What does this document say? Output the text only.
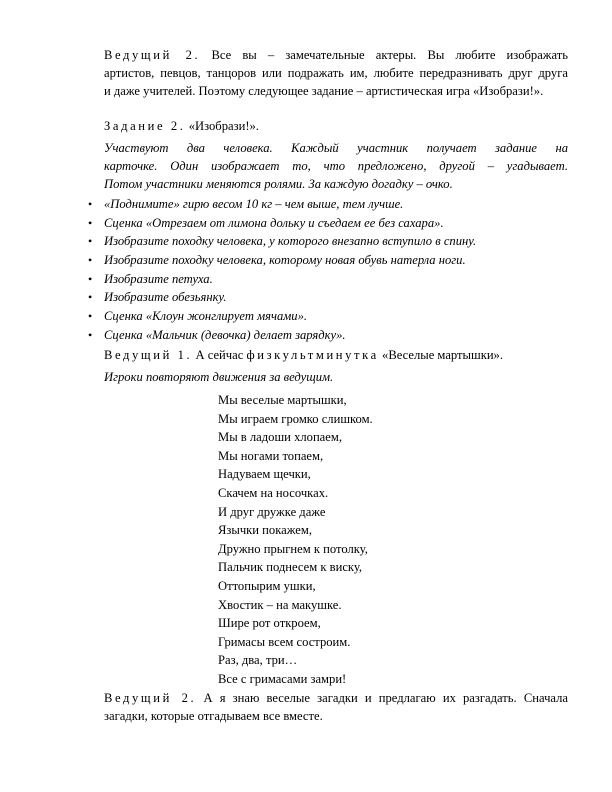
Ведущий 2. Все вы – замечательные актеры. Вы любите изображать
артистов, певцов, танцоров или подражать им, любите передразнивать друг друга
и даже учителей. Поэтому следующее задание – артистическая игра «Изобрази!».

Задание 2. «Изобрази!».

Участвуют два человека. Каждый участник получает задание на
карточке. Один изображает то, что предложено, другой – угадывает.
Потом участники меняются ролями. За каждую догадку – очко.

• «Поднимите» гирю весом 10 кг – чем выше, тем лучше.
• Сценка «Отрезаем от лимона дольку и съедаем ее без сахара».
• Изобразите походку человека, у которого внезапно вступило в спину.
• Изобразите походку человека, которому новая обувь натерла ноги.
• Изобразите петуха.
• Изобразите обезьянку.
• Сценка «Клоун жонглирует мячами».
• Сценка «Мальчик (девочка) делает зарядку».

Ведущий 1. А сейчас физкультминутка «Веселые мартышки».

Игроки повторяют движения за ведущим.

Мы веселые мартышки,
Мы играем громко слишком.
Мы в ладоши хлопаем,
Мы ногами топаем,
Надуваем щечки,
Скачем на носочках.
И друг дружке даже
Язычки покажем,
Дружно прыгнем к потолку,
Пальчик поднесем к виску,
Оттопырим ушки,
Хвостик – на макушке.
Шире рот откроем,
Гримасы всем состроим.
Раз, два, три…
Все с гримасами замри!

Ведущий 2. А я знаю веселые загадки и предлагаю их разгадать. Сначала
загадки, которые отгадываем все вместе.
